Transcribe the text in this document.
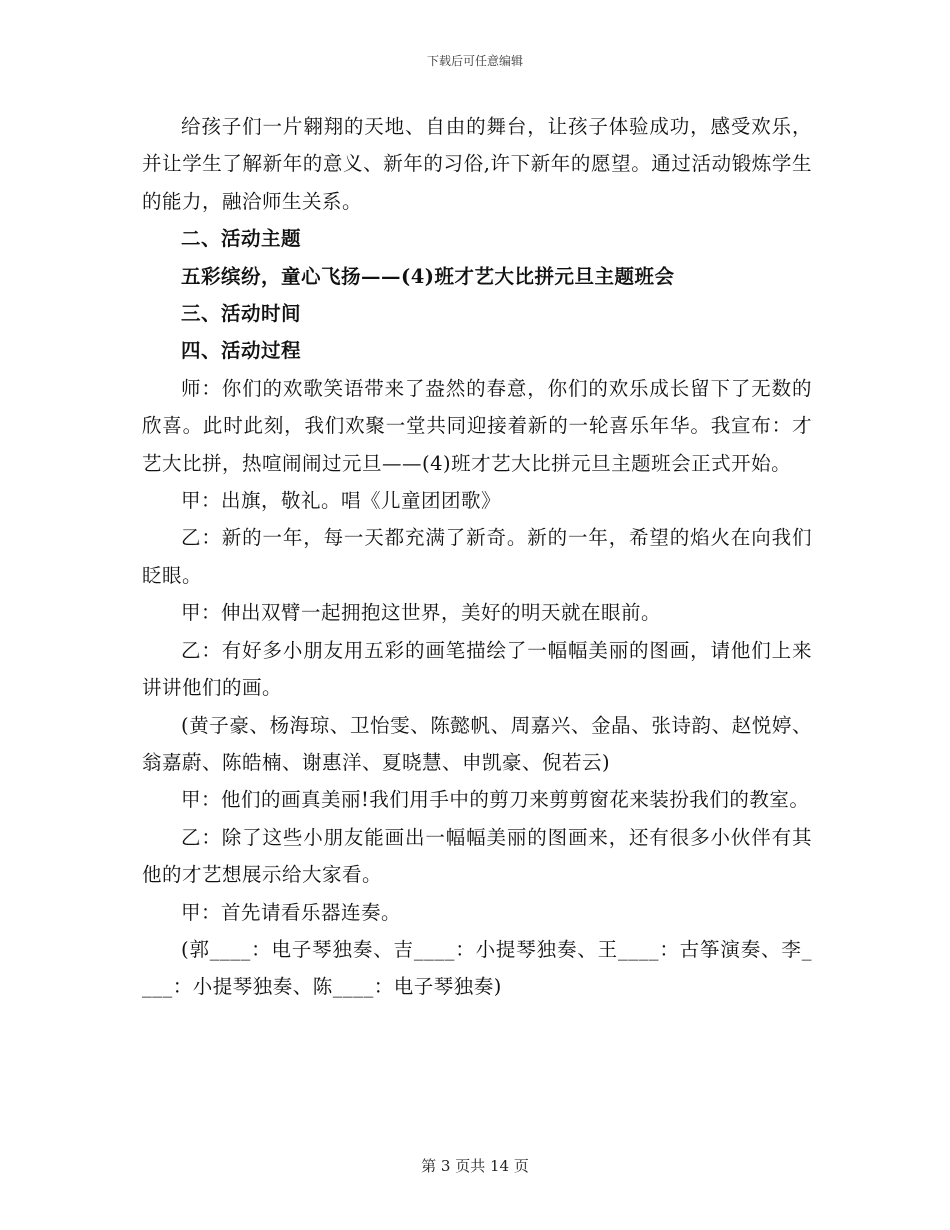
下载后可任意编辑

给孩子们一片翱翔的天地、自由的舞台，让孩子体验成功，感受欢乐，并让学生了解新年的意义、新年的习俗,许下新年的愿望。通过活动锻炼学生的能力，融洽师生关系。

二、活动主题

五彩缤纷，童心飞扬——(4)班才艺大比拼元旦主题班会

三、活动时间

四、活动过程

师：你们的欢歌笑语带来了盎然的春意，你们的欢乐成长留下了无数的欣喜。此时此刻，我们欢聚一堂共同迎接着新的一轮喜乐年华。我宣布：才艺大比拼，热喧闹闹过元旦——(4)班才艺大比拼元旦主题班会正式开始。

甲：出旗，敬礼。唱《儿童团团歌》

乙：新的一年，每一天都充满了新奇。新的一年，希望的焰火在向我们眨眼。

甲：伸出双臂一起拥抱这世界，美好的明天就在眼前。

乙：有好多小朋友用五彩的画笔描绘了一幅幅美丽的图画，请他们上来讲讲他们的画。

(黄子豪、杨海琼、卫怡雯、陈懿帆、周嘉兴、金晶、张诗韵、赵悦婷、翁嘉蔚、陈皓楠、谢惠洋、夏晓慧、申凯豪、倪若云)

甲：他们的画真美丽!我们用手中的剪刀来剪剪窗花来装扮我们的教室。

乙：除了这些小朋友能画出一幅幅美丽的图画来，还有很多小伙伴有其他的才艺想展示给大家看。

甲：首先请看乐器连奏。

(郭____：电子琴独奏、吉____：小提琴独奏、王____：古筝演奏、李____：小提琴独奏、陈____：电子琴独奏)

第 3 页共 14 页
